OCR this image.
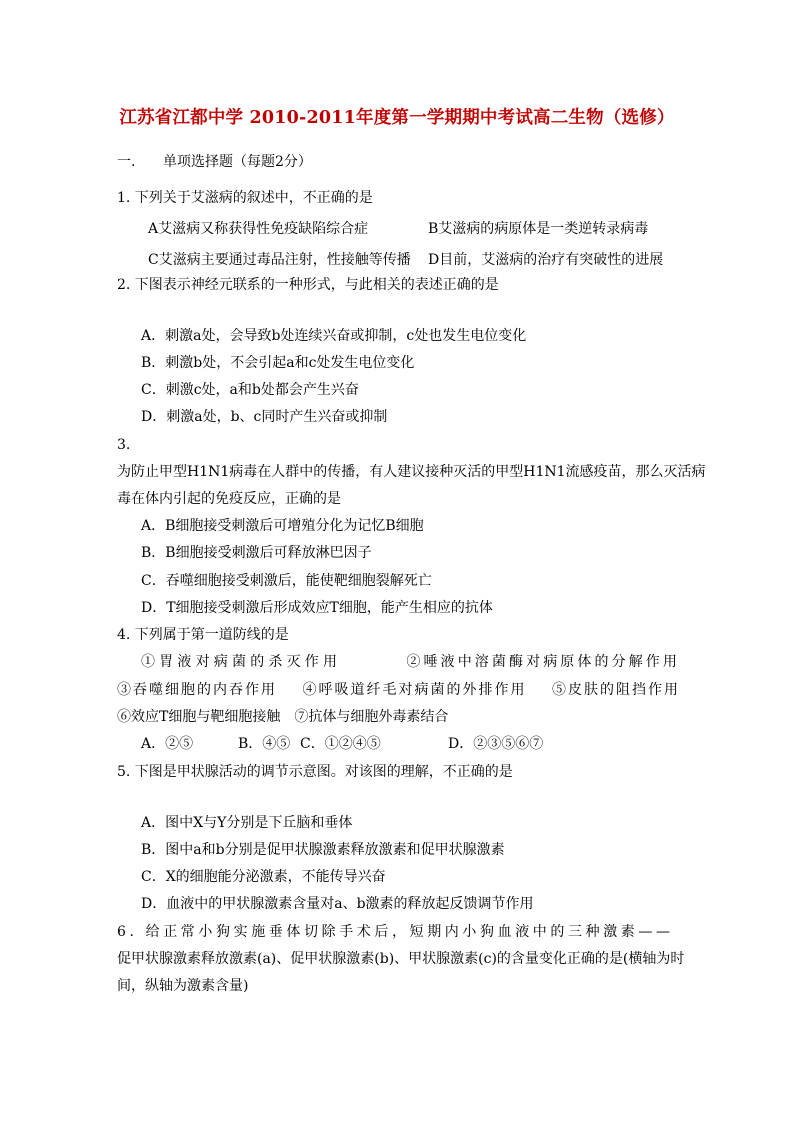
江苏省江都中学 2010-2011年度第一学期期中考试高二生物（选修）
一. 单项选择题（每题2分）
1. 下列关于艾滋病的叙述中，不正确的是
A艾滋病又称获得性免疫缺陷综合症	B艾滋病的病原体是一类逆转录病毒
C艾滋病主要通过毒品注射，性接触等传播 D目前，艾滋病的治疗有突破性的进展
2. 下图表示神经元联系的一种形式，与此相关的表述正确的是
A．刺激a处，会导致b处连续兴奋或抑制，c处也发生电位变化
B．刺激b处，不会引起a和c处发生电位变化
C．刺激c处，a和b处都会产生兴奋
D．刺激a处，b、c同时产生兴奋或抑制
3.
为防止甲型H1N1病毒在人群中的传播，有人建议接种灭活的甲型H1N1流感疫苗，那么灭活病
毒在体内引起的免疫反应，正确的是
A．B细胞接受刺激后可增殖分化为记忆B细胞
B．B细胞接受刺激后可释放淋巴因子
C．吞噬细胞接受刺激后，能使靶细胞裂解死亡
D．T细胞接受刺激后形成效应T细胞，能产生相应的抗体
4. 下列属于第一道防线的是
①胃液对病菌的杀灭作用	②唾液中溶菌酶对病原体的分解作用
③吞噬细胞的内吞作用 ④呼吸道纤毛对病菌的外排作用 ⑤皮肤的阻挡作用
⑥效应T细胞与靶细胞接触　⑦抗体与细胞外毒素结合
A．②⑤	B．④⑤ C．①②④⑤	D．②③⑤⑥⑦
5. 下图是甲状腺活动的调节示意图。对该图的理解，不正确的是
A．图中X与Y分别是下丘脑和垂体
B．图中a和b分别是促甲状腺激素释放激素和促甲状腺激素
C．X的细胞能分泌激素，不能传导兴奋
D．血液中的甲状腺激素含量对a、b激素的释放起反馈调节作用
6. 给正常小狗实施垂体切除手术后，短期内小狗血液中的三种激素——
促甲状腺激素释放激素(a)、促甲状腺激素(b)、甲状腺激素(c)的含量变化正确的是(横轴为时
间，纵轴为激素含量)
